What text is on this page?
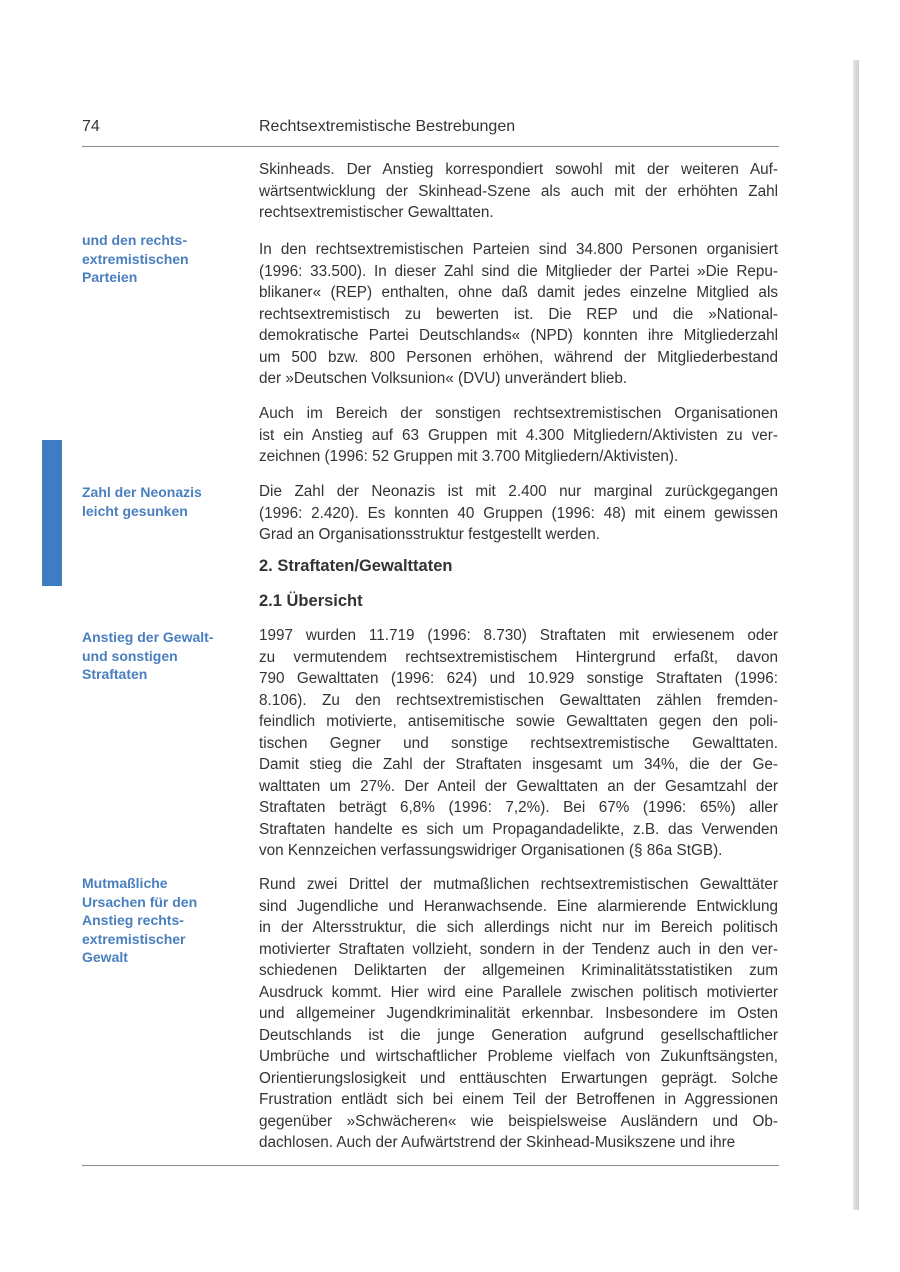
74	Rechtsextremistische Bestrebungen
Skinheads. Der Anstieg korrespondiert sowohl mit der weiteren Auf-
wärtsentwicklung der Skinhead-Szene als auch mit der erhöhten Zahl
rechtsextremistischer Gewalttaten.
In den rechtsextremistischen Parteien sind 34.800 Personen organisiert
(1996: 33.500). In dieser Zahl sind die Mitglieder der Partei »Die Repu-
blikaner« (REP) enthalten, ohne daß damit jedes einzelne Mitglied als
rechtsextremistisch zu bewerten ist. Die REP und die »National-
demokratische Partei Deutschlands« (NPD) konnten ihre Mitgliederzahl
um 500 bzw. 800 Personen erhöhen, während der Mitgliederbestand
der »Deutschen Volksunion« (DVU) unverändert blieb.
Auch im Bereich der sonstigen rechtsextremistischen Organisationen
ist ein Anstieg auf 63 Gruppen mit 4.300 Mitgliedern/Aktivisten zu ver-
zeichnen (1996: 52 Gruppen mit 3.700 Mitgliedern/Aktivisten).
Die Zahl der Neonazis ist mit 2.400 nur marginal zurückgegangen
(1996: 2.420). Es konnten 40 Gruppen (1996: 48) mit einem gewissen
Grad an Organisationsstruktur festgestellt werden.
2. Straftaten/Gewalttaten
2.1 Übersicht
1997 wurden 11.719 (1996: 8.730) Straftaten mit erwiesenem oder
zu vermutendem rechtsextremistischem Hintergrund erfaßt, davon
790 Gewalttaten (1996: 624) und 10.929 sonstige Straftaten (1996:
8.106). Zu den rechtsextremistischen Gewalttaten zählen fremden-
feindlich motivierte, antisemitische sowie Gewalttaten gegen den poli-
tischen Gegner und sonstige rechtsextremistische Gewalttaten.
Damit stieg die Zahl der Straftaten insgesamt um 34%, die der Ge-
walttaten um 27%. Der Anteil der Gewalttaten an der Gesamtzahl der
Straftaten beträgt 6,8% (1996: 7,2%). Bei 67% (1996: 65%) aller
Straftaten handelte es sich um Propagandadelikte, z.B. das Verwenden
von Kennzeichen verfassungswidriger Organisationen (§ 86a StGB).
Rund zwei Drittel der mutmaßlichen rechtsextremistischen Gewalttäter
sind Jugendliche und Heranwachsende. Eine alarmierende Entwicklung
in der Altersstruktur, die sich allerdings nicht nur im Bereich politisch
motivierter Straftaten vollzieht, sondern in der Tendenz auch in den ver-
schiedenen Deliktarten der allgemeinen Kriminalitätsstatistiken zum
Ausdruck kommt. Hier wird eine Parallele zwischen politisch motivierter
und allgemeiner Jugendkriminalität erkennbar. Insbesondere im Osten
Deutschlands ist die junge Generation aufgrund gesellschaftlicher
Umbrüche und wirtschaftlicher Probleme vielfach von Zukunftsängsten,
Orientierungslosigkeit und enttäuschten Erwartungen geprägt. Solche
Frustration entlädt sich bei einem Teil der Betroffenen in Aggressionen
gegenüber »Schwächeren« wie beispielsweise Ausländern und Ob-
dachlosen. Auch der Aufwärtstrend der Skinhead-Musikszene und ihre
und den rechts-
extremistischen
Parteien
Zahl der Neonazis
leicht gesunken
Anstieg der Gewalt-
und sonstigen
Straftaten
Mutmaßliche
Ursachen für den
Anstieg rechts-
extremistischer
Gewalt
